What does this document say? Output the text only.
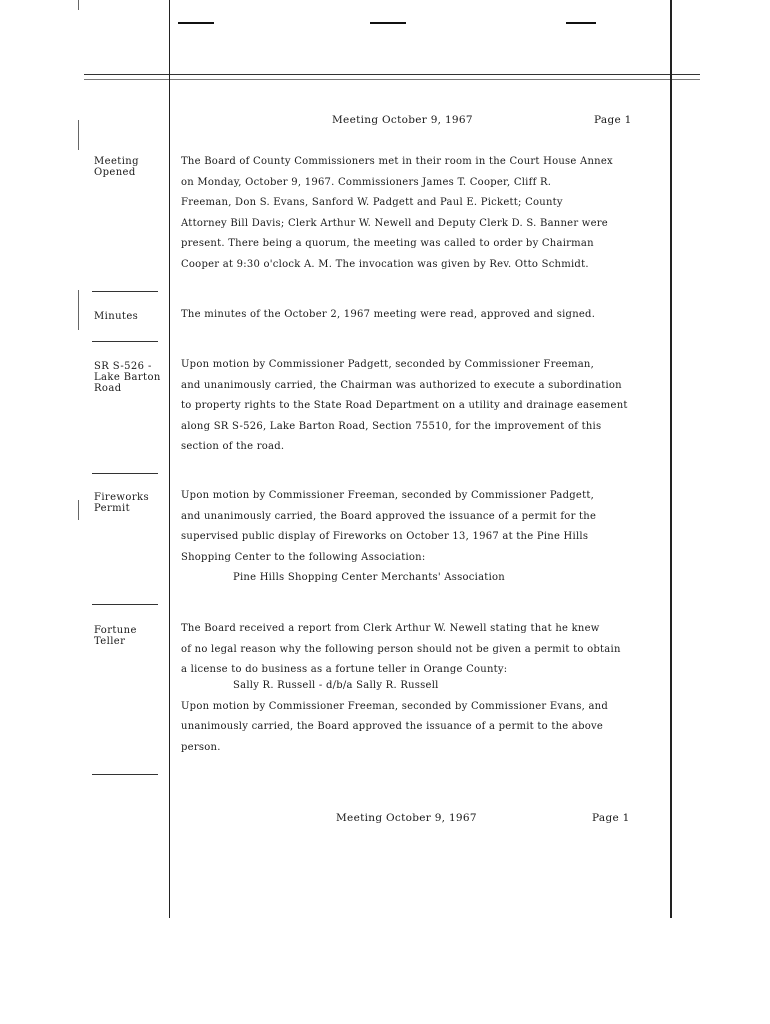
Meeting October 9, 1967	Page 1
Meeting
Opened
The Board of County Commissioners met in their room in the Court House Annex
on Monday, October 9, 1967. Commissioners James T. Cooper, Cliff R.
Freeman, Don S. Evans, Sanford W. Padgett and Paul E. Pickett; County
Attorney Bill Davis; Clerk Arthur W. Newell and Deputy Clerk D. S. Banner were
present. There being a quorum, the meeting was called to order by Chairman
Cooper at 9:30 o'clock A. M. The invocation was given by Rev. Otto Schmidt.
Minutes	The minutes of the October 2, 1967 meeting were read, approved and signed.
SR S-526 -
Lake Barton
Road
Upon motion by Commissioner Padgett, seconded by Commissioner Freeman,
and unanimously carried, the Chairman was authorized to execute a subordination
to property rights to the State Road Department on a utility and drainage easement
along SR S-526, Lake Barton Road, Section 75510, for the improvement of this
section of the road.
Fireworks
Permit
Upon motion by Commissioner Freeman, seconded by Commissioner Padgett,
and unanimously carried, the Board approved the issuance of a permit for the
supervised public display of Fireworks on October 13, 1967 at the Pine Hills
Shopping Center to the following Association:
Pine Hills Shopping Center Merchants' Association
Fortune
Teller
The Board received a report from Clerk Arthur W. Newell stating that he knew
of no legal reason why the following person should not be given a permit to obtain
a license to do business as a fortune teller in Orange County:
Sally R. Russell - d/b/a Sally R. Russell
Upon motion by Commissioner Freeman, seconded by Commissioner Evans, and
unanimously carried, the Board approved the issuance of a permit to the above
person.
Meeting October 9, 1967	Page 1
